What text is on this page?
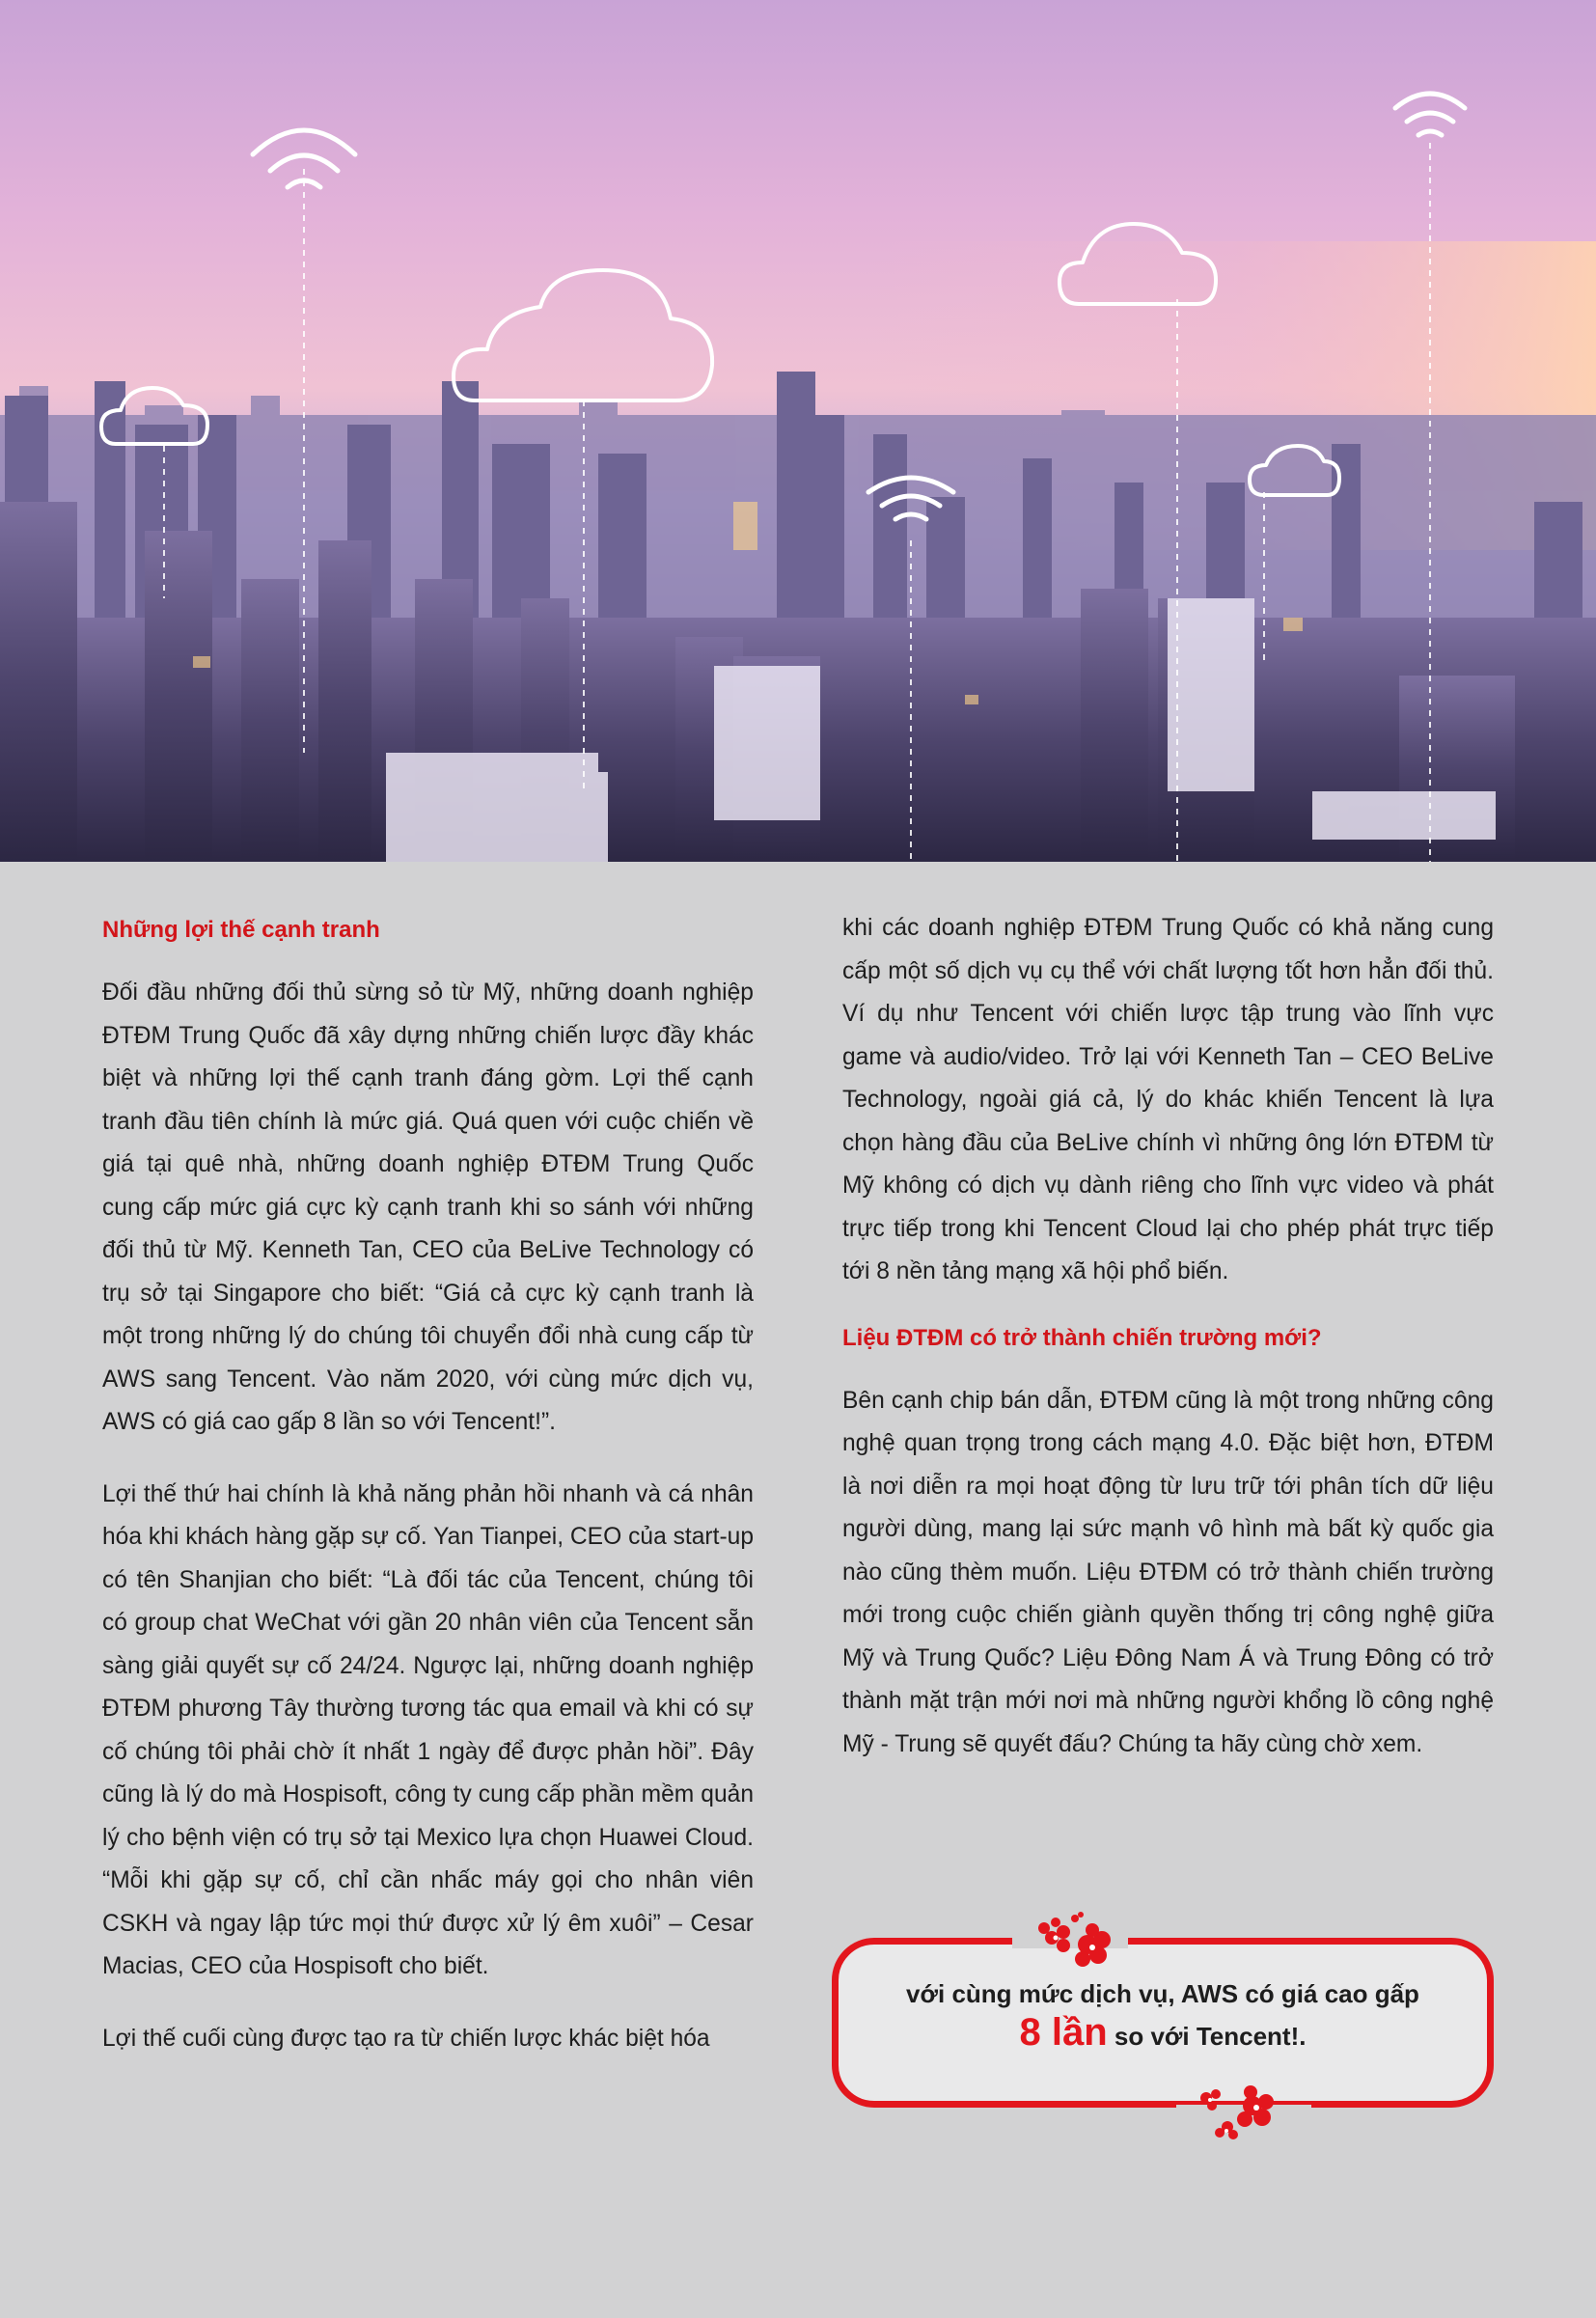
Những lợi thế cạnh tranh

Đối đầu những đối thủ sừng sỏ từ Mỹ, những doanh nghiệp ĐTĐM Trung Quốc đã xây dựng những chiến lược đầy khác biệt và những lợi thế cạnh tranh đáng gờm. Lợi thế cạnh tranh đầu tiên chính là mức giá. Quá quen với cuộc chiến về giá tại quê nhà, những doanh nghiệp ĐTĐM Trung Quốc cung cấp mức giá cực kỳ cạnh tranh khi so sánh với những đối thủ từ Mỹ. Kenneth Tan, CEO của BeLive Technology có trụ sở tại Singapore cho biết: “Giá cả cực kỳ cạnh tranh là một trong những lý do chúng tôi chuyển đổi nhà cung cấp từ AWS sang Tencent. Vào năm 2020, với cùng mức dịch vụ, AWS có giá cao gấp 8 lần so với Tencent!”.

Lợi thế thứ hai chính là khả năng phản hồi nhanh và cá nhân hóa khi khách hàng gặp sự cố. Yan Tianpei, CEO của start-up có tên Shanjian cho biết: “Là đối tác của Tencent, chúng tôi có group chat WeChat với gần 20 nhân viên của Tencent sẵn sàng giải quyết sự cố 24/24. Ngược lại, những doanh nghiệp ĐTĐM phương Tây thường tương tác qua email và khi có sự cố chúng tôi phải chờ ít nhất 1 ngày để được phản hồi”. Đây cũng là lý do mà Hospisoft, công ty cung cấp phần mềm quản lý cho bệnh viện có trụ sở tại Mexico lựa chọn Huawei Cloud. “Mỗi khi gặp sự cố, chỉ cần nhấc máy gọi cho nhân viên CSKH và ngay lập tức mọi thứ được xử lý êm xuôi” – Cesar Macias, CEO của Hospisoft cho biết.

Lợi thế cuối cùng được tạo ra từ chiến lược khác biệt hóa

khi các doanh nghiệp ĐTĐM Trung Quốc có khả năng cung cấp một số dịch vụ cụ thể với chất lượng tốt hơn hẳn đối thủ. Ví dụ như Tencent với chiến lược tập trung vào lĩnh vực game và audio/video. Trở lại với Kenneth Tan – CEO BeLive Technology, ngoài giá cả, lý do khác khiến Tencent là lựa chọn hàng đầu của BeLive chính vì những ông lớn ĐTĐM từ Mỹ không có dịch vụ dành riêng cho lĩnh vực video và phát trực tiếp trong khi Tencent Cloud lại cho phép phát trực tiếp tới 8 nền tảng mạng xã hội phổ biến.

Liệu ĐTĐM có trở thành chiến trường mới?

Bên cạnh chip bán dẫn, ĐTĐM cũng là một trong những công nghệ quan trọng trong cách mạng 4.0. Đặc biệt hơn, ĐTĐM là nơi diễn ra mọi hoạt động từ lưu trữ tới phân tích dữ liệu người dùng, mang lại sức mạnh vô hình mà bất kỳ quốc gia nào cũng thèm muốn. Liệu ĐTĐM có trở thành chiến trường mới trong cuộc chiến giành quyền thống trị công nghệ giữa Mỹ và Trung Quốc? Liệu Đông Nam Á và Trung Đông có trở thành mặt trận mới nơi mà những người khổng lồ công nghệ Mỹ - Trung sẽ quyết đấu? Chúng ta hãy cùng chờ xem.

với cùng mức dịch vụ, AWS có giá cao gấp
8 lần so với Tencent!.
